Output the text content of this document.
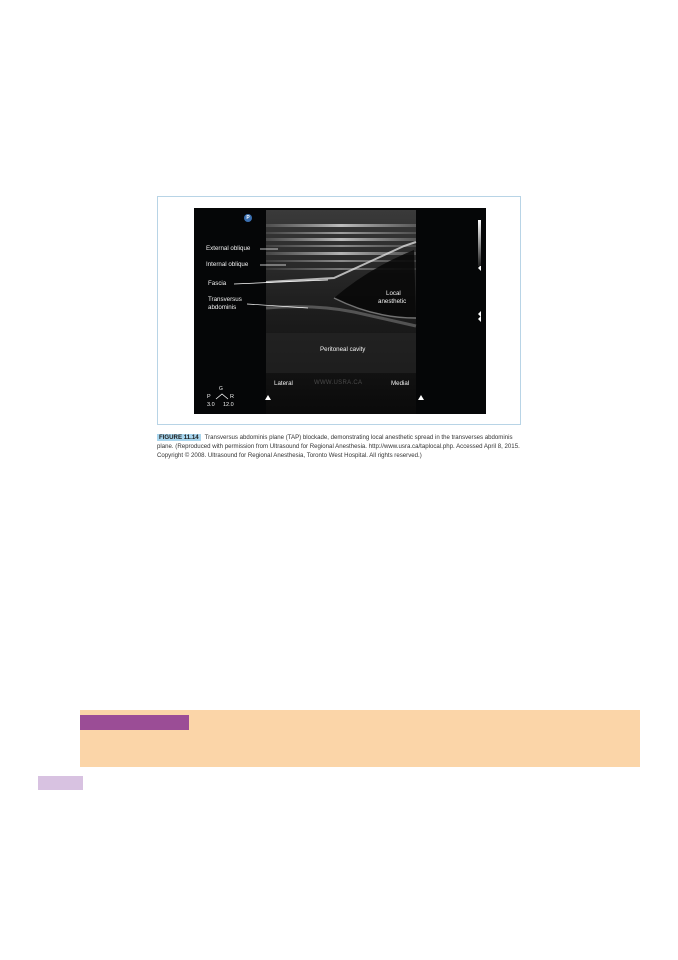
P
External oblique
Internal oblique
Fascia
Transversus
abdominis
Local
anesthetic
Peritoneal cavity
Lateral	Medial
WWW.USRA.CA
G
P	R
3.0 12.0
FIGURE 11.14 Transversus abdominis plane (TAP) blockade, demonstrating local anesthetic spread in the transverses abdominis plane. (Reproduced with permission from Ultrasound for Regional Anesthesia. http://www.usra.ca/taplocal.php. Accessed April 8, 2015. Copyright © 2008. Ultrasound for Regional Anesthesia, Toronto West Hospital. All rights reserved.)
